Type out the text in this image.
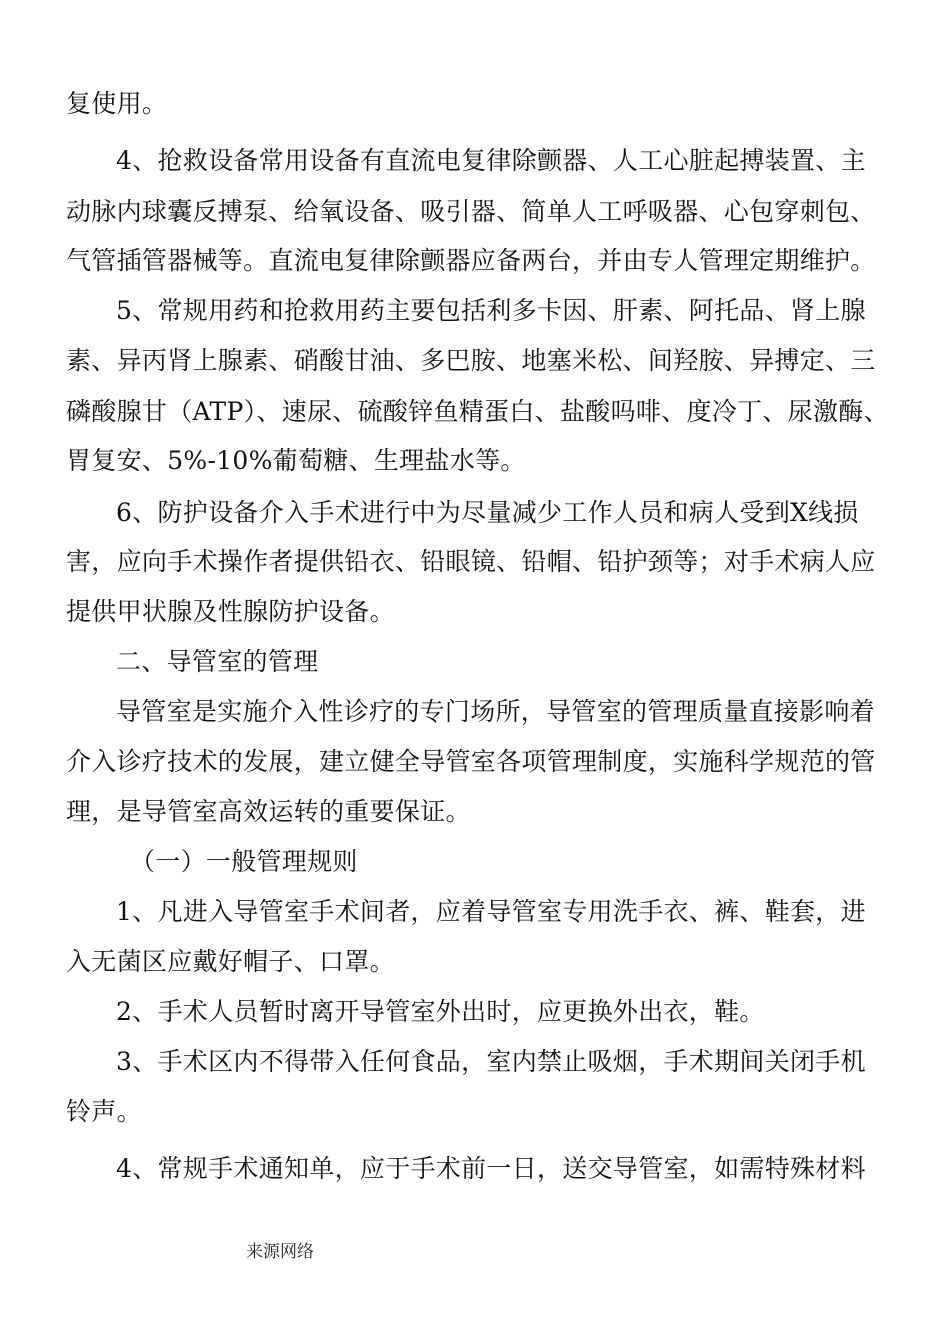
复使用。
4、抢救设备常用设备有直流电复律除颤器、人工心脏起搏装置、主
动脉内球囊反搏泵、给氧设备、吸引器、简单人工呼吸器、心包穿刺包、
气管插管器械等。直流电复律除颤器应备两台，并由专人管理定期维护。
5、常规用药和抢救用药主要包括利多卡因、肝素、阿托品、肾上腺
素、异丙肾上腺素、硝酸甘油、多巴胺、地塞米松、间羟胺、异搏定、三
磷酸腺甘（ATP）、速尿、硫酸锌鱼精蛋白、盐酸吗啡、度冷丁、尿激酶、
胃复安、5%-10%葡萄糖、生理盐水等。
6、防护设备介入手术进行中为尽量减少工作人员和病人受到X线损
害，应向手术操作者提供铅衣、铅眼镜、铅帽、铅护颈等；对手术病人应
提供甲状腺及性腺防护设备。
二、导管室的管理
导管室是实施介入性诊疗的专门场所，导管室的管理质量直接影响着
介入诊疗技术的发展，建立健全导管室各项管理制度，实施科学规范的管
理，是导管室高效运转的重要保证。
（一）一般管理规则
1、凡进入导管室手术间者，应着导管室专用洗手衣、裤、鞋套，进
入无菌区应戴好帽子、口罩。
2、手术人员暂时离开导管室外出时，应更换外出衣，鞋。
3、手术区内不得带入任何食品，室内禁止吸烟，手术期间关闭手机
铃声。
4、常规手术通知单，应于手术前一日，送交导管室，如需特殊材料
来源网络
